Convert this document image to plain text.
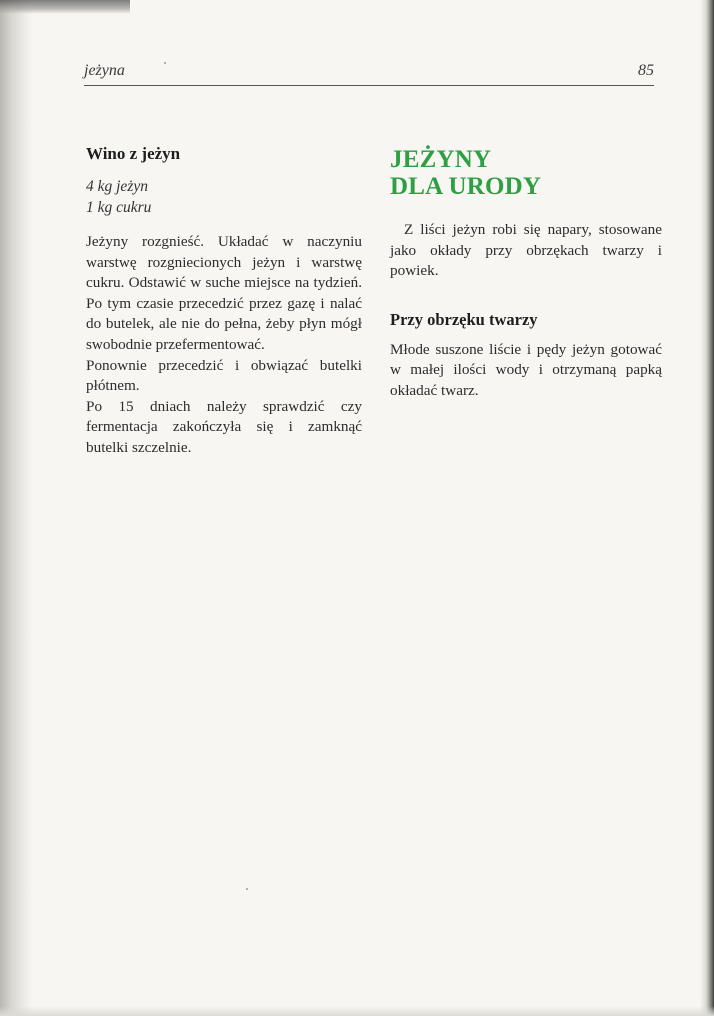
jeżyna	85
Wino z jeżyn
4 kg jeżyn
1 kg cukru

Jeżyny rozgnieść. Układać w naczyniu warstwę rozgniecionych jeżyn i warstwę cukru. Odstawić w suche miejsce na tydzień. Po tym czasie przecedzić przez gazę i nalać do butelek, ale nie do pełna, żeby płyn mógł swobodnie przefermentować.

Ponownie przecedzić i obwiązać butelki płótnem.

Po 15 dniach należy sprawdzić czy fermentacja zakończyła się i zamknąć butelki szczelnie.

JEŻYNY
DLA URODY

Z liści jeżyn robi się napary, stosowane jako okłady przy obrzękach twarzy i powiek.

Przy obrzęku twarzy

Młode suszone liście i pędy jeżyn gotować w małej ilości wody i otrzymaną papką okładać twarz.
